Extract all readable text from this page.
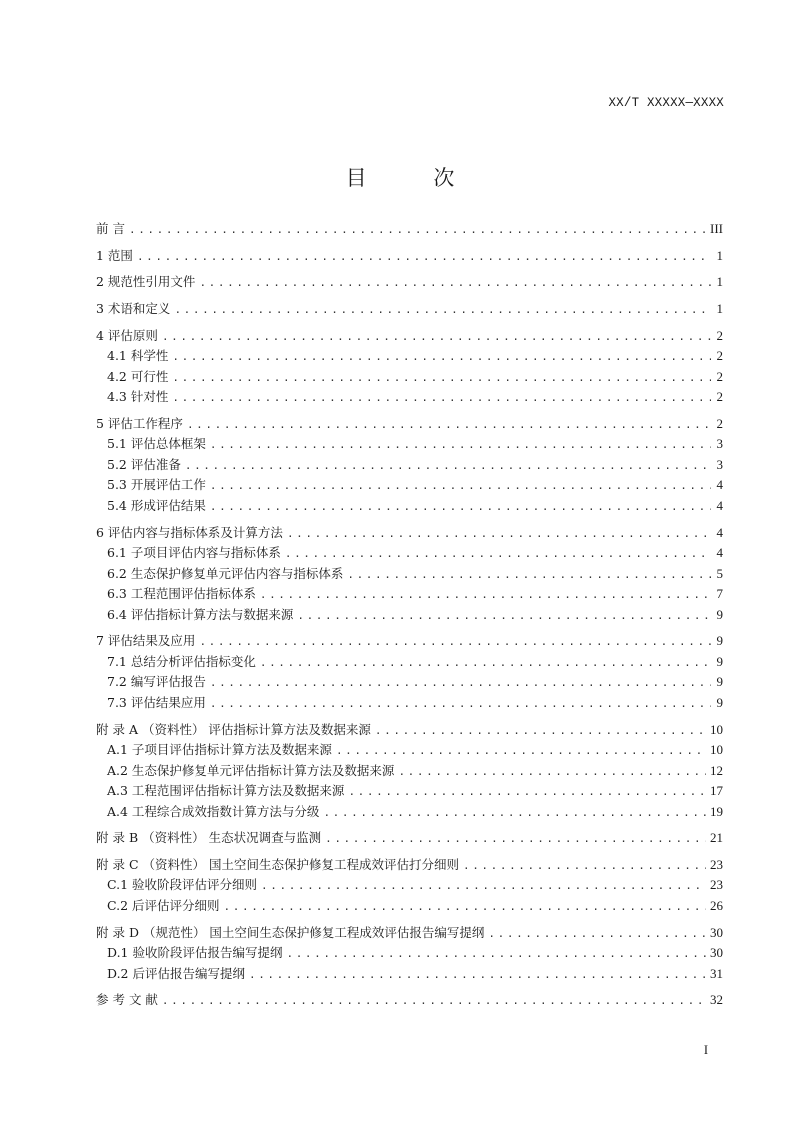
XX/T XXXXX—XXXX
目 次
前 言 .....	III
1 范围 .....	1
2 规范性引用文件 .....	1
3 术语和定义 .....	1
4 评估原则 .....	2
4.1 科学性 .....	2
4.2 可行性 .....	2
4.3 针对性 .....	2
5 评估工作程序 .....	2
5.1 评估总体框架 .....	3
5.2 评估准备 .....	3
5.3 开展评估工作 .....	4
5.4 形成评估结果 .....	4
6 评估内容与指标体系及计算方法 .....	4
6.1 子项目评估内容与指标体系 .....	4
6.2 生态保护修复单元评估内容与指标体系 .....	5
6.3 工程范围评估指标体系 .....	7
6.4 评估指标计算方法与数据来源 .....	9
7 评估结果及应用 .....	9
7.1 总结分析评估指标变化 .....	9
7.2 编写评估报告 .....	9
7.3 评估结果应用 .....	9
附 录 A （资料性） 评估指标计算方法及数据来源 .....	10
A.1 子项目评估指标计算方法及数据来源 .....	10
A.2 生态保护修复单元评估指标计算方法及数据来源 .....	12
A.3 工程范围评估指标计算方法及数据来源 .....	17
A.4 工程综合成效指数计算方法与分级 .....	19
附 录 B （资料性） 生态状况调查与监测 .....	21
附 录 C （资料性） 国土空间生态保护修复工程成效评估打分细则 .....	23
C.1 验收阶段评估评分细则 .....	23
C.2 后评估评分细则 .....	26
附 录 D （规范性） 国土空间生态保护修复工程成效评估报告编写提纲 .....	30
D.1 验收阶段评估报告编写提纲 .....	30
D.2 后评估报告编写提纲 .....	31
参 考 文 献 .....	32
I
